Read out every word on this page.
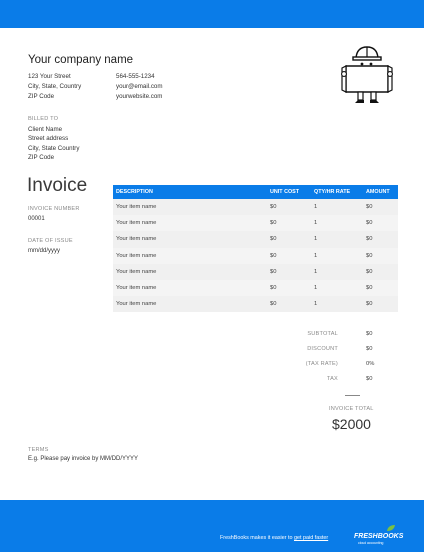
Your company name
123 Your Street
City, State, Country
ZIP Code
564-555-1234
your@email.com
yourwebsite.com
BILLED TO
Client Name
Street address
City, State Country
ZIP Code
Invoice
INVOICE NUMBER
00001
DATE OF ISSUE
mm/dd/yyyy
DESCRIPTION	UNIT COST	QTY/HR RATE	AMOUNT
Your item name	$0	1	$0
Your item name	$0	1	$0
Your item name	$0	1	$0
Your item name	$0	1	$0
Your item name	$0	1	$0
Your item name	$0	1	$0
Your item name	$0	1	$0
SUBTOTAL	$0
DISCOUNT	$0
(TAX RATE)	0%
TAX	$0
INVOICE TOTAL
$2000
TERMS
E.g. Please pay invoice by MM/DD/YYYY
FreshBooks makes it easier to get paid faster	FRESHBOOKS
cloud accounting
